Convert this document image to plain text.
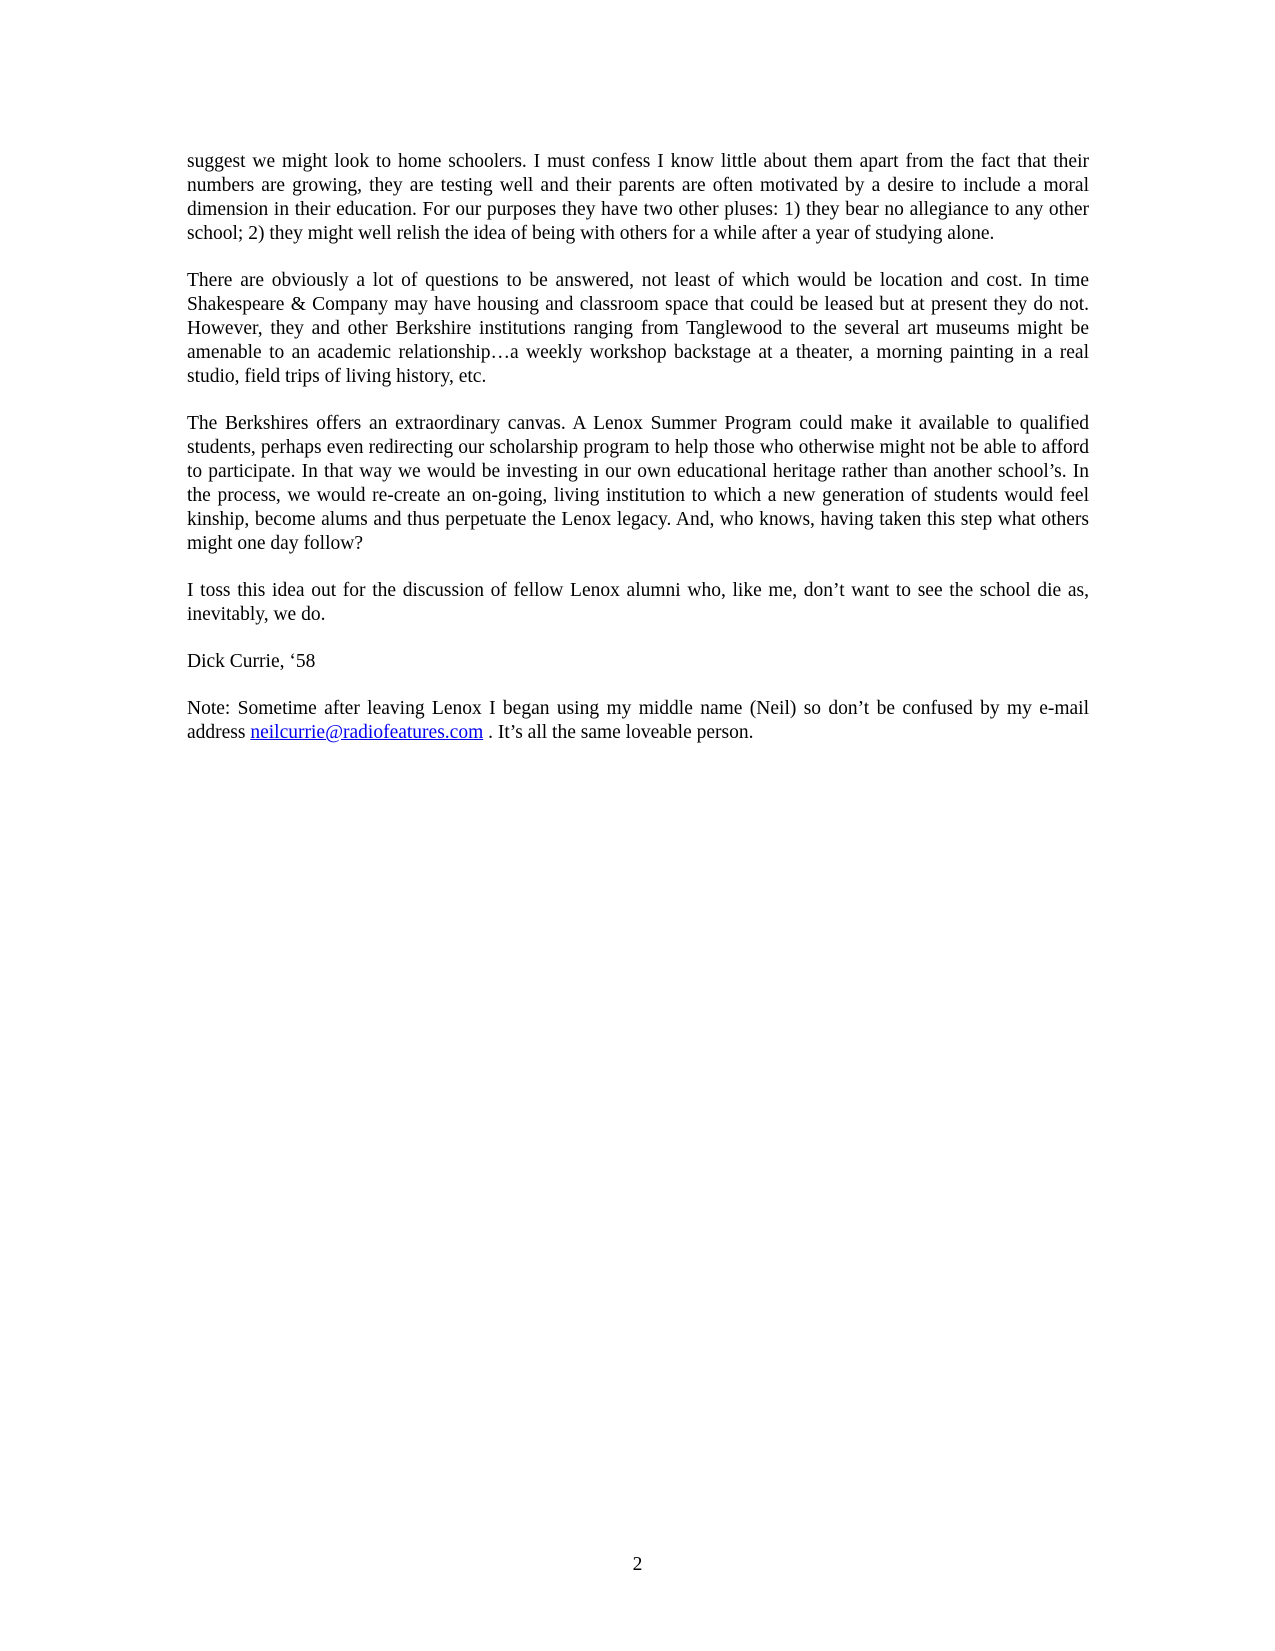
suggest we might look to home schoolers. I must confess I know little about them apart from the fact that their numbers are growing, they are testing well and their parents are often motivated by a desire to include a moral dimension in their education. For our purposes they have two other pluses: 1) they bear no allegiance to any other school; 2) they might well relish the idea of being with others for a while after a year of studying alone.

There are obviously a lot of questions to be answered, not least of which would be location and cost. In time Shakespeare & Company may have housing and classroom space that could be leased but at present they do not. However, they and other Berkshire institutions ranging from Tanglewood to the several art museums might be amenable to an academic relationship…a weekly workshop backstage at a theater, a morning painting in a real studio, field trips of living history, etc.

The Berkshires offers an extraordinary canvas. A Lenox Summer Program could make it available to qualified students, perhaps even redirecting our scholarship program to help those who otherwise might not be able to afford to participate. In that way we would be investing in our own educational heritage rather than another school’s. In the process, we would re-create an on-going, living institution to which a new generation of students would feel kinship, become alums and thus perpetuate the Lenox legacy. And, who knows, having taken this step what others might one day follow?

I toss this idea out for the discussion of fellow Lenox alumni who, like me, don’t want to see the school die as, inevitably, we do.

Dick Currie, ‘58

Note: Sometime after leaving Lenox I began using my middle name (Neil) so don’t be confused by my e-mail address neilcurrie@radiofeatures.com . It’s all the same loveable person.

2
